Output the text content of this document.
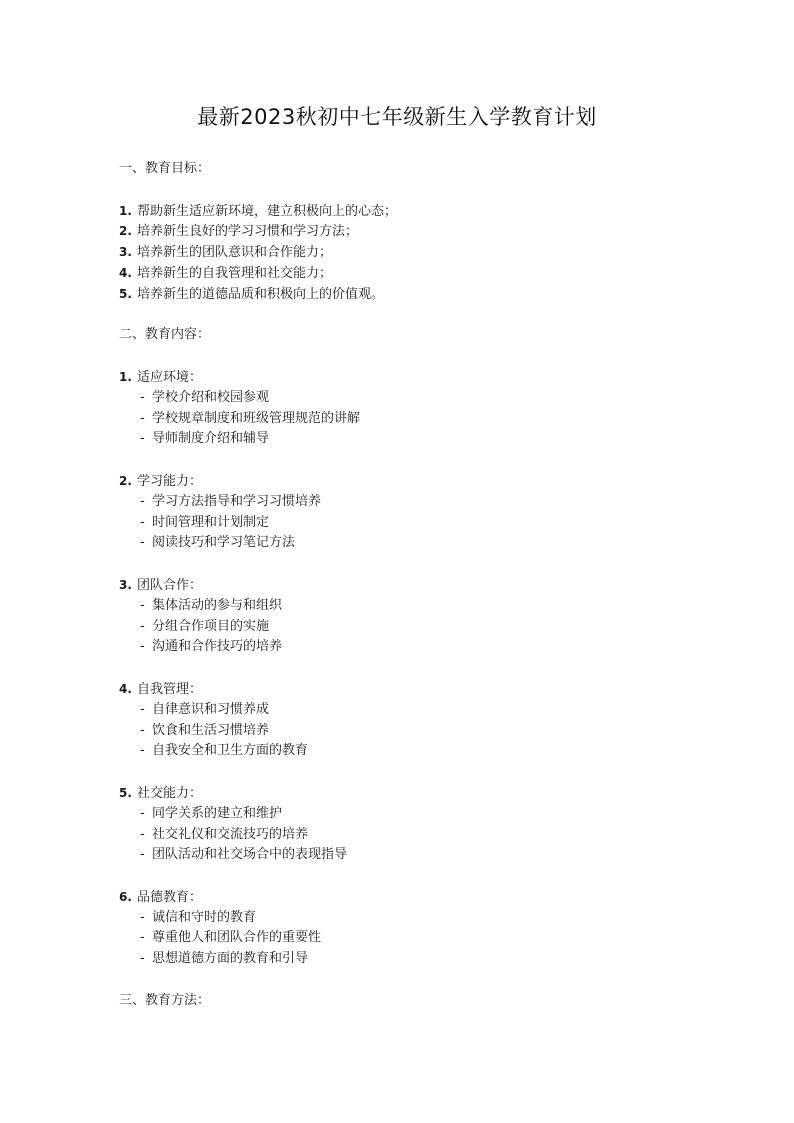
最新2023秋初中七年级新生入学教育计划

一、教育目标：

1. 帮助新生适应新环境，建立积极向上的心态；
2. 培养新生良好的学习习惯和学习方法；
3. 培养新生的团队意识和合作能力；
4. 培养新生的自我管理和社交能力；
5. 培养新生的道德品质和积极向上的价值观。

二、教育内容：

1. 适应环境：
- 学校介绍和校园参观
- 学校规章制度和班级管理规范的讲解
- 导师制度介绍和辅导
2. 学习能力：
- 学习方法指导和学习习惯培养
- 时间管理和计划制定
- 阅读技巧和学习笔记方法
3. 团队合作：
- 集体活动的参与和组织
- 分组合作项目的实施
- 沟通和合作技巧的培养
4. 自我管理：
- 自律意识和习惯养成
- 饮食和生活习惯培养
- 自我安全和卫生方面的教育
5. 社交能力：
- 同学关系的建立和维护
- 社交礼仪和交流技巧的培养
- 团队活动和社交场合中的表现指导
6. 品德教育：
- 诚信和守时的教育
- 尊重他人和团队合作的重要性
- 思想道德方面的教育和引导

三、教育方法：
